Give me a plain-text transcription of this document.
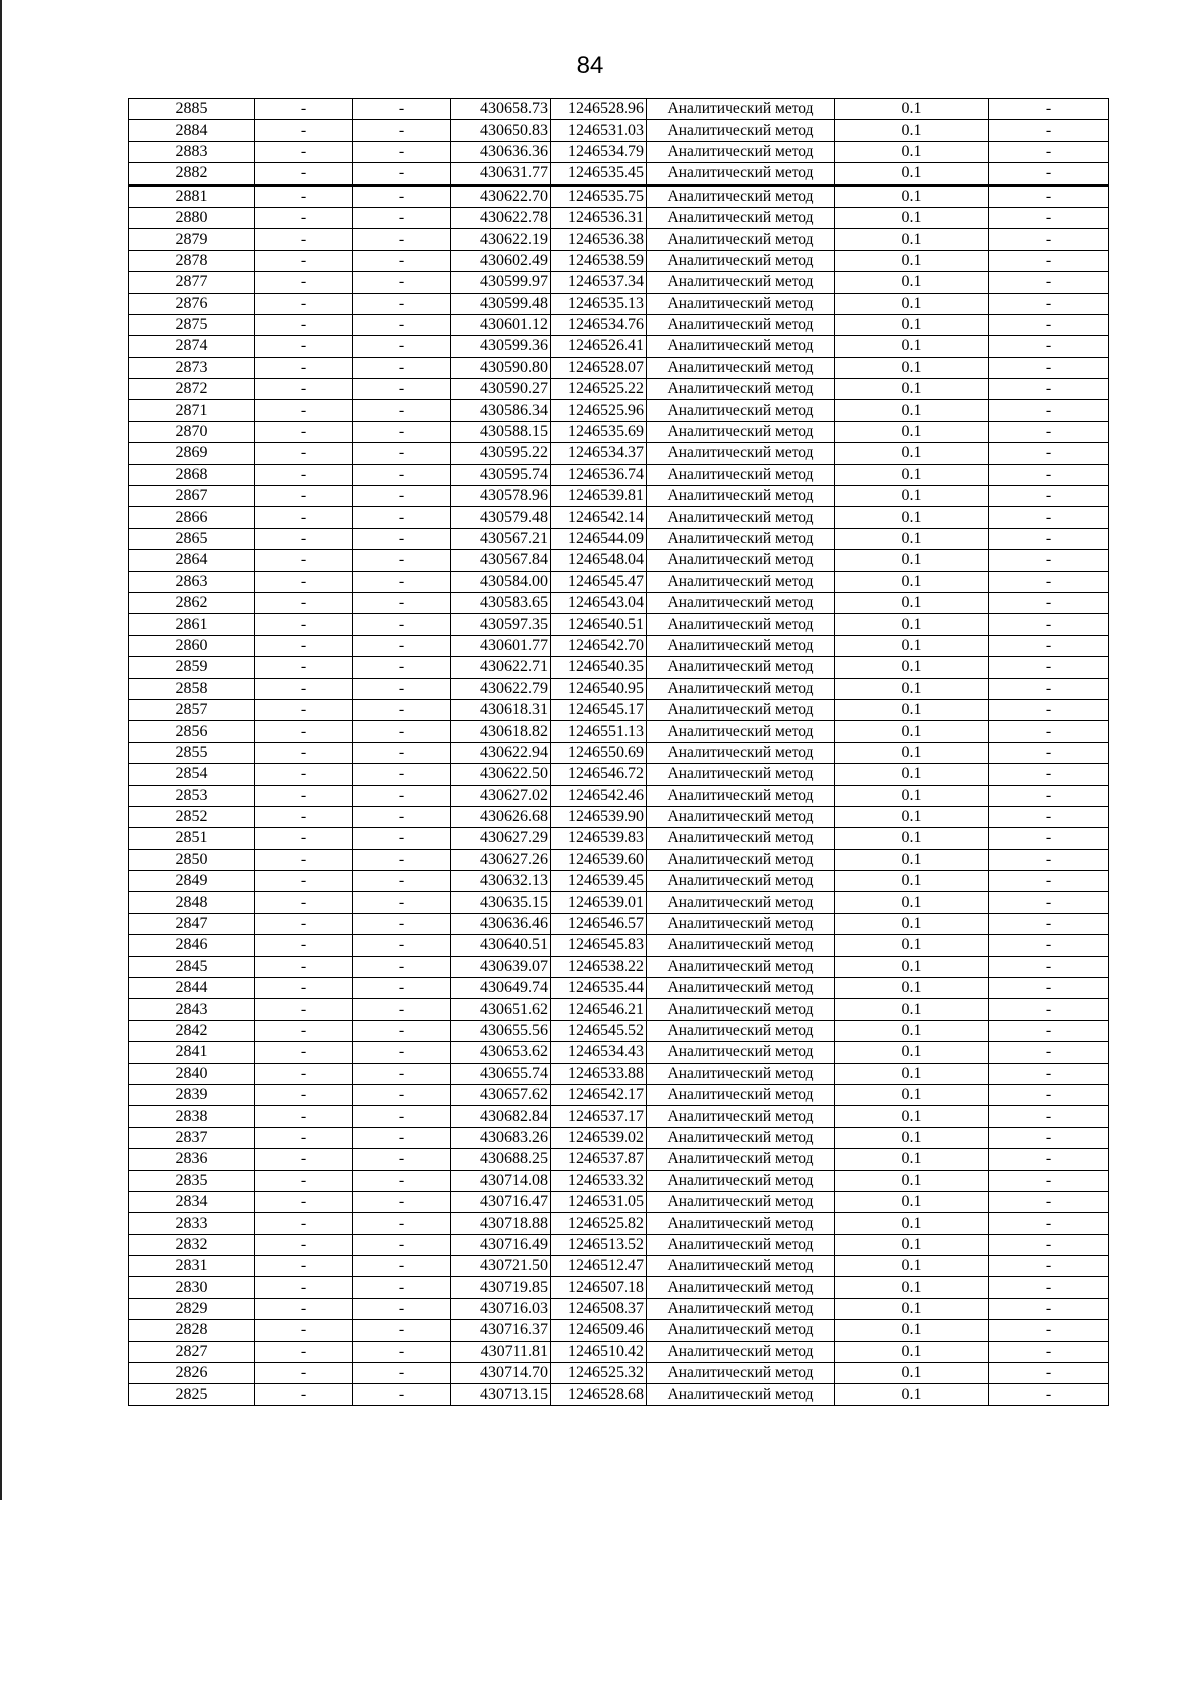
84
2885	-	-	430658.73	1246528.96	Аналитический метод	0.1	-
2884	-	-	430650.83	1246531.03	Аналитический метод	0.1	-
2883	-	-	430636.36	1246534.79	Аналитический метод	0.1	-
2882	-	-	430631.77	1246535.45	Аналитический метод	0.1	-
2881	-	-	430622.70	1246535.75	Аналитический метод	0.1	-
2880	-	-	430622.78	1246536.31	Аналитический метод	0.1	-
2879	-	-	430622.19	1246536.38	Аналитический метод	0.1	-
2878	-	-	430602.49	1246538.59	Аналитический метод	0.1	-
2877	-	-	430599.97	1246537.34	Аналитический метод	0.1	-
2876	-	-	430599.48	1246535.13	Аналитический метод	0.1	-
2875	-	-	430601.12	1246534.76	Аналитический метод	0.1	-
2874	-	-	430599.36	1246526.41	Аналитический метод	0.1	-
2873	-	-	430590.80	1246528.07	Аналитический метод	0.1	-
2872	-	-	430590.27	1246525.22	Аналитический метод	0.1	-
2871	-	-	430586.34	1246525.96	Аналитический метод	0.1	-
2870	-	-	430588.15	1246535.69	Аналитический метод	0.1	-
2869	-	-	430595.22	1246534.37	Аналитический метод	0.1	-
2868	-	-	430595.74	1246536.74	Аналитический метод	0.1	-
2867	-	-	430578.96	1246539.81	Аналитический метод	0.1	-
2866	-	-	430579.48	1246542.14	Аналитический метод	0.1	-
2865	-	-	430567.21	1246544.09	Аналитический метод	0.1	-
2864	-	-	430567.84	1246548.04	Аналитический метод	0.1	-
2863	-	-	430584.00	1246545.47	Аналитический метод	0.1	-
2862	-	-	430583.65	1246543.04	Аналитический метод	0.1	-
2861	-	-	430597.35	1246540.51	Аналитический метод	0.1	-
2860	-	-	430601.77	1246542.70	Аналитический метод	0.1	-
2859	-	-	430622.71	1246540.35	Аналитический метод	0.1	-
2858	-	-	430622.79	1246540.95	Аналитический метод	0.1	-
2857	-	-	430618.31	1246545.17	Аналитический метод	0.1	-
2856	-	-	430618.82	1246551.13	Аналитический метод	0.1	-
2855	-	-	430622.94	1246550.69	Аналитический метод	0.1	-
2854	-	-	430622.50	1246546.72	Аналитический метод	0.1	-
2853	-	-	430627.02	1246542.46	Аналитический метод	0.1	-
2852	-	-	430626.68	1246539.90	Аналитический метод	0.1	-
2851	-	-	430627.29	1246539.83	Аналитический метод	0.1	-
2850	-	-	430627.26	1246539.60	Аналитический метод	0.1	-
2849	-	-	430632.13	1246539.45	Аналитический метод	0.1	-
2848	-	-	430635.15	1246539.01	Аналитический метод	0.1	-
2847	-	-	430636.46	1246546.57	Аналитический метод	0.1	-
2846	-	-	430640.51	1246545.83	Аналитический метод	0.1	-
2845	-	-	430639.07	1246538.22	Аналитический метод	0.1	-
2844	-	-	430649.74	1246535.44	Аналитический метод	0.1	-
2843	-	-	430651.62	1246546.21	Аналитический метод	0.1	-
2842	-	-	430655.56	1246545.52	Аналитический метод	0.1	-
2841	-	-	430653.62	1246534.43	Аналитический метод	0.1	-
2840	-	-	430655.74	1246533.88	Аналитический метод	0.1	-
2839	-	-	430657.62	1246542.17	Аналитический метод	0.1	-
2838	-	-	430682.84	1246537.17	Аналитический метод	0.1	-
2837	-	-	430683.26	1246539.02	Аналитический метод	0.1	-
2836	-	-	430688.25	1246537.87	Аналитический метод	0.1	-
2835	-	-	430714.08	1246533.32	Аналитический метод	0.1	-
2834	-	-	430716.47	1246531.05	Аналитический метод	0.1	-
2833	-	-	430718.88	1246525.82	Аналитический метод	0.1	-
2832	-	-	430716.49	1246513.52	Аналитический метод	0.1	-
2831	-	-	430721.50	1246512.47	Аналитический метод	0.1	-
2830	-	-	430719.85	1246507.18	Аналитический метод	0.1	-
2829	-	-	430716.03	1246508.37	Аналитический метод	0.1	-
2828	-	-	430716.37	1246509.46	Аналитический метод	0.1	-
2827	-	-	430711.81	1246510.42	Аналитический метод	0.1	-
2826	-	-	430714.70	1246525.32	Аналитический метод	0.1	-
2825	-	-	430713.15	1246528.68	Аналитический метод	0.1	-
